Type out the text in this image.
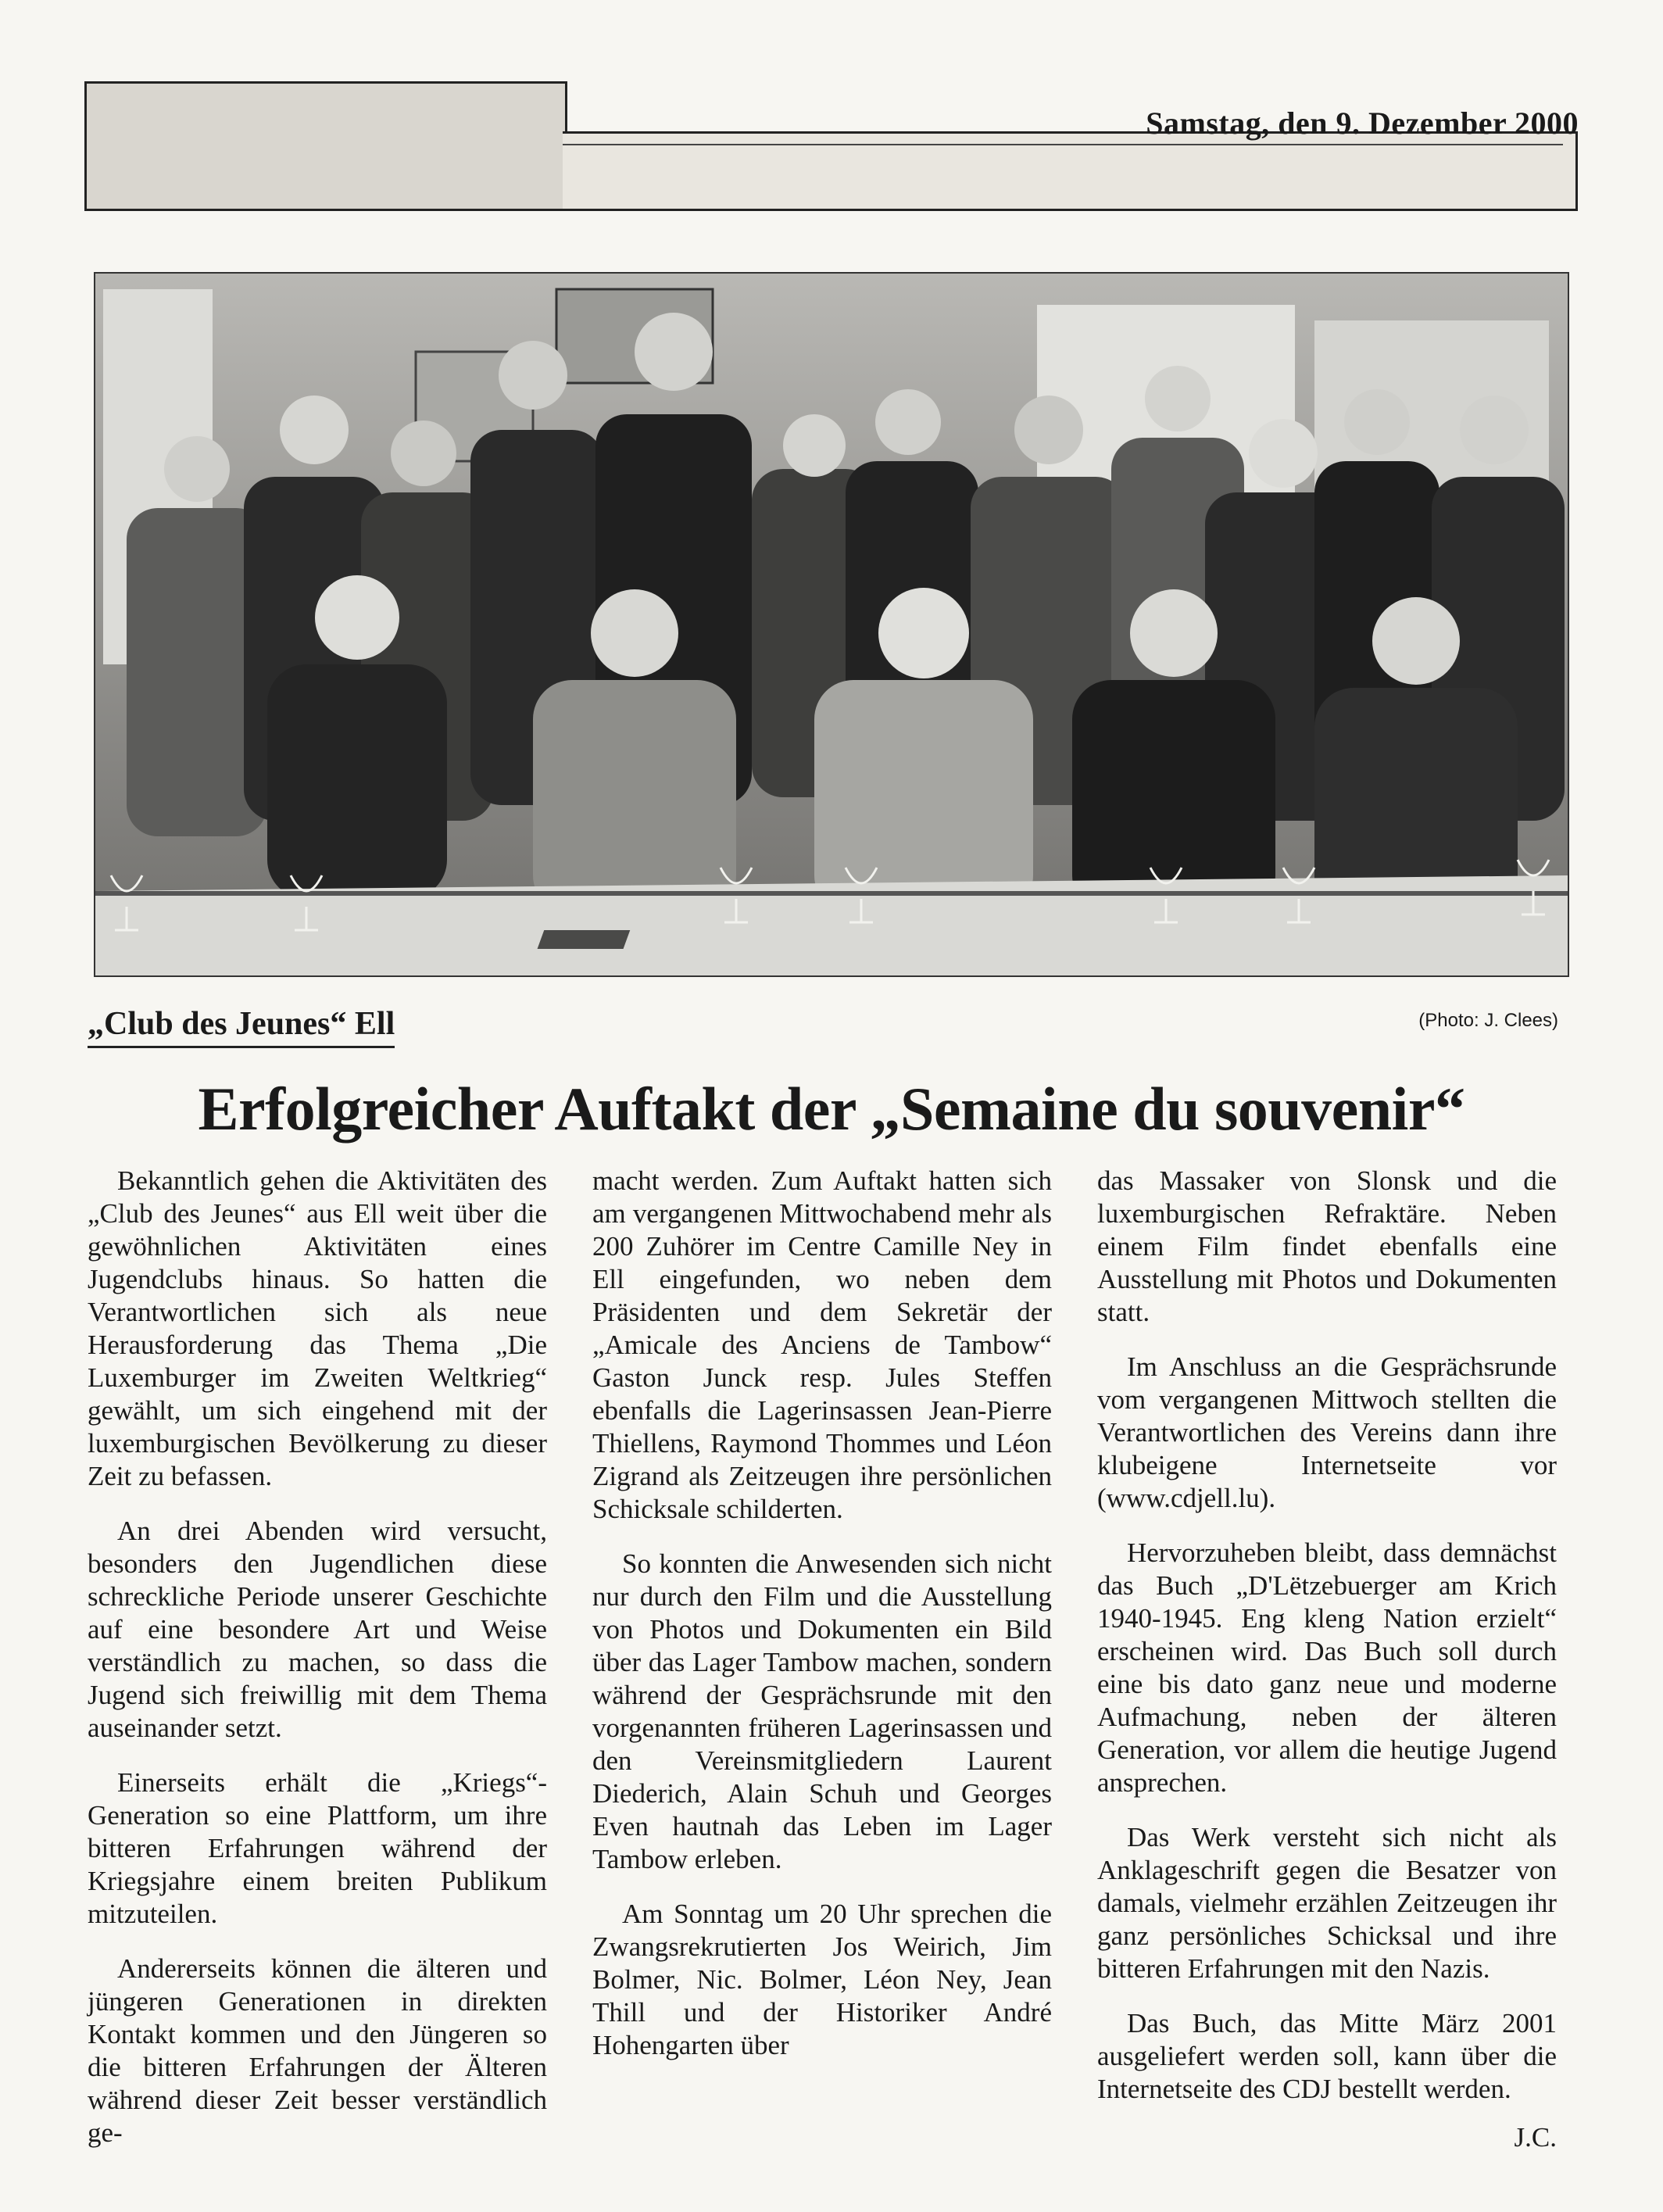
Samstag, den 9. Dezember 2000
„Club des Jeunes“ Ell	(Photo: J. Clees)
Erfolgreicher Auftakt der „Semaine du souvenir“

Bekanntlich gehen die Aktivitäten des „Club des Jeunes“ aus Ell weit über die gewöhnlichen Aktivitäten eines Jugendclubs hinaus. So hatten die Verantwortlichen sich als neue Herausforderung das Thema „Die Luxemburger im Zweiten Weltkrieg“ gewählt, um sich eingehend mit der luxemburgischen Bevölkerung zu dieser Zeit zu befassen.

An drei Abenden wird versucht, besonders den Jugendlichen diese schreckliche Periode unserer Geschichte auf eine besondere Art und Weise verständlich zu machen, so dass die Jugend sich freiwillig mit dem Thema auseinander setzt.

Einerseits erhält die „Kriegs“-Generation so eine Plattform, um ihre bitteren Erfahrungen während der Kriegsjahre einem breiten Publikum mitzuteilen.

Andererseits können die älteren und jüngeren Generationen in direkten Kontakt kommen und den Jüngeren so die bitteren Erfahrungen der Älteren während dieser Zeit besser verständlich ge-

macht werden. Zum Auftakt hatten sich am vergangenen Mittwochabend mehr als 200 Zuhörer im Centre Camille Ney in Ell eingefunden, wo neben dem Präsidenten und dem Sekretär der „Amicale des Anciens de Tambow“ Gaston Junck resp. Jules Steffen ebenfalls die Lagerinsassen Jean-Pierre Thiellens, Raymond Thommes und Léon Zigrand als Zeitzeugen ihre persönlichen Schicksale schilderten.

So konnten die Anwesenden sich nicht nur durch den Film und die Ausstellung von Photos und Dokumenten ein Bild über das Lager Tambow machen, sondern während der Gesprächsrunde mit den vorgenannten früheren Lagerinsassen und den Vereinsmitgliedern Laurent Diederich, Alain Schuh und Georges Even hautnah das Leben im Lager Tambow erleben.

Am Sonntag um 20 Uhr sprechen die Zwangsrekrutierten Jos Weirich, Jim Bolmer, Nic. Bolmer, Léon Ney, Jean Thill und der Historiker André Hohengarten über

das Massaker von Slonsk und die luxemburgischen Refraktäre. Neben einem Film findet ebenfalls eine Ausstellung mit Photos und Dokumenten statt.

Im Anschluss an die Gesprächsrunde vom vergangenen Mittwoch stellten die Verantwortlichen des Vereins dann ihre klubeigene Internetseite vor (www.cdjell.lu).

Hervorzuheben bleibt, dass demnächst das Buch „D'Lëtzebuerger am Krich 1940-1945. Eng kleng Nation erzielt“ erscheinen wird. Das Buch soll durch eine bis dato ganz neue und moderne Aufmachung, neben der älteren Generation, vor allem die heutige Jugend ansprechen.

Das Werk versteht sich nicht als Anklageschrift gegen die Besatzer von damals, vielmehr erzählen Zeitzeugen ihr ganz persönliches Schicksal und ihre bitteren Erfahrungen mit den Nazis.

Das Buch, das Mitte März 2001 ausgeliefert werden soll, kann über die Internetseite des CDJ bestellt werden.

J.C.
